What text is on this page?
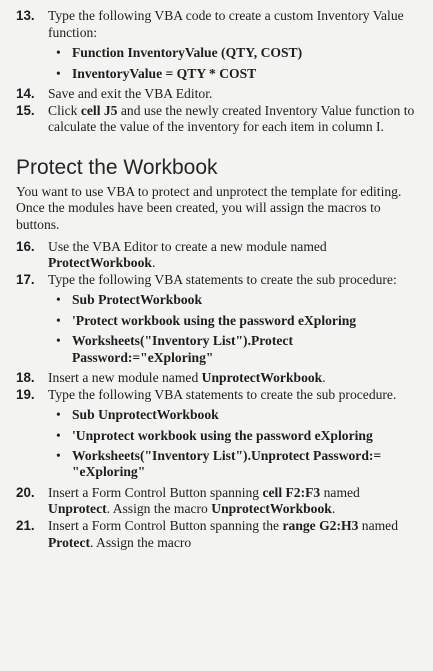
13. Type the following VBA code to create a custom Inventory Value function:
• Function InventoryValue (QTY, COST)
• InventoryValue = QTY * COST
14. Save and exit the VBA Editor.
15. Click cell J5 and use the newly created Inventory Value function to calculate the value of the inventory for each item in column I.
Protect the Workbook

You want to use VBA to protect and unprotect the template for editing. Once the modules have been created, you will assign the macros to buttons.

16. Use the VBA Editor to create a new module named ProtectWorkbook.
17. Type the following VBA statements to create the sub procedure:
• Sub ProtectWorkbook
• 'Protect workbook using the password eXploring
• Worksheets("Inventory List").Protect Password:="eXploring"
18. Insert a new module named UnprotectWorkbook.
19. Type the following VBA statements to create the sub procedure.
• Sub UnprotectWorkbook
• 'Unprotect workbook using the password eXploring
• Worksheets("Inventory List").Unprotect Password:= "eXploring"
20. Insert a Form Control Button spanning cell F2:F3 named Unprotect. Assign the macro UnprotectWorkbook.
21. Insert a Form Control Button spanning the range G2:H3 named Protect. Assign the macro
